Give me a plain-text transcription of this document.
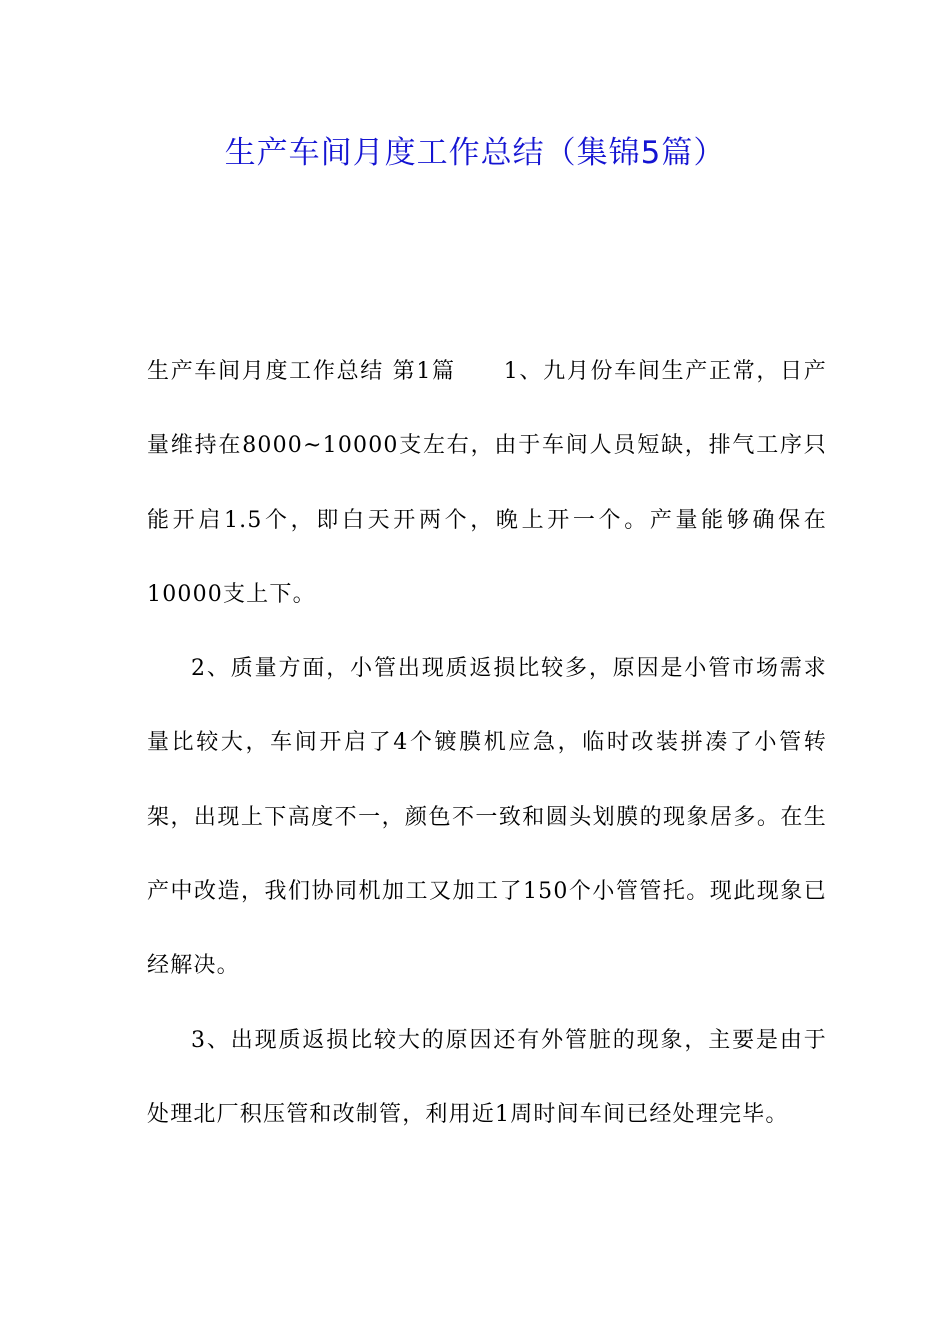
生产车间月度工作总结（集锦5篇）

生产车间月度工作总结 第1篇 1、九月份车间生产正常，日产量维持在8000~10000支左右，由于车间人员短缺，排气工序只能开启1.5个，即白天开两个，晚上开一个。产量能够确保在10000支上下。

2、质量方面，小管出现质返损比较多，原因是小管市场需求量比较大，车间开启了4个镀膜机应急，临时改装拼凑了小管转架，出现上下高度不一，颜色不一致和圆头划膜的现象居多。在生产中改造，我们协同机加工又加工了150个小管管托。现此现象已经解决。

3、出现质返损比较大的原因还有外管脏的现象，主要是由于处理北厂积压管和改制管，利用近1周时间车间已经处理完毕。
